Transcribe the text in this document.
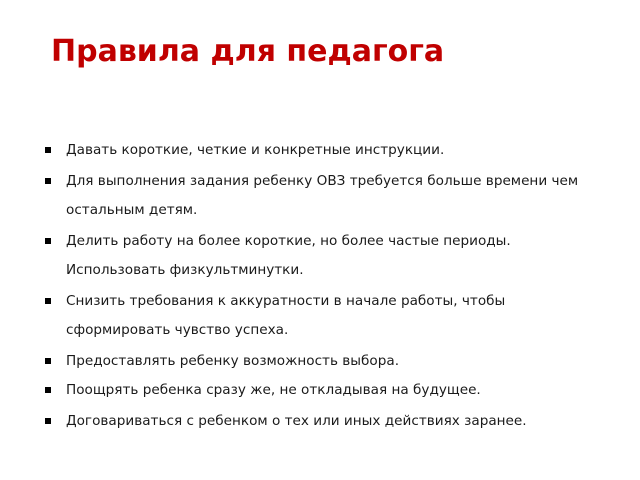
Правила для педагога
Давать короткие, четкие и конкретные инструкции.
Для выполнения задания ребенку ОВЗ требуется больше времени чем остальным детям.
Делить работу на более короткие, но более частые периоды. Использовать физкультминутки.
Снизить требования к аккуратности в начале работы, чтобы сформировать чувство успеха.
Предоставлять ребенку возможность выбора.
Поощрять ребенка сразу же, не откладывая на будущее.
Договариваться с ребенком о тех или иных действиях заранее.
